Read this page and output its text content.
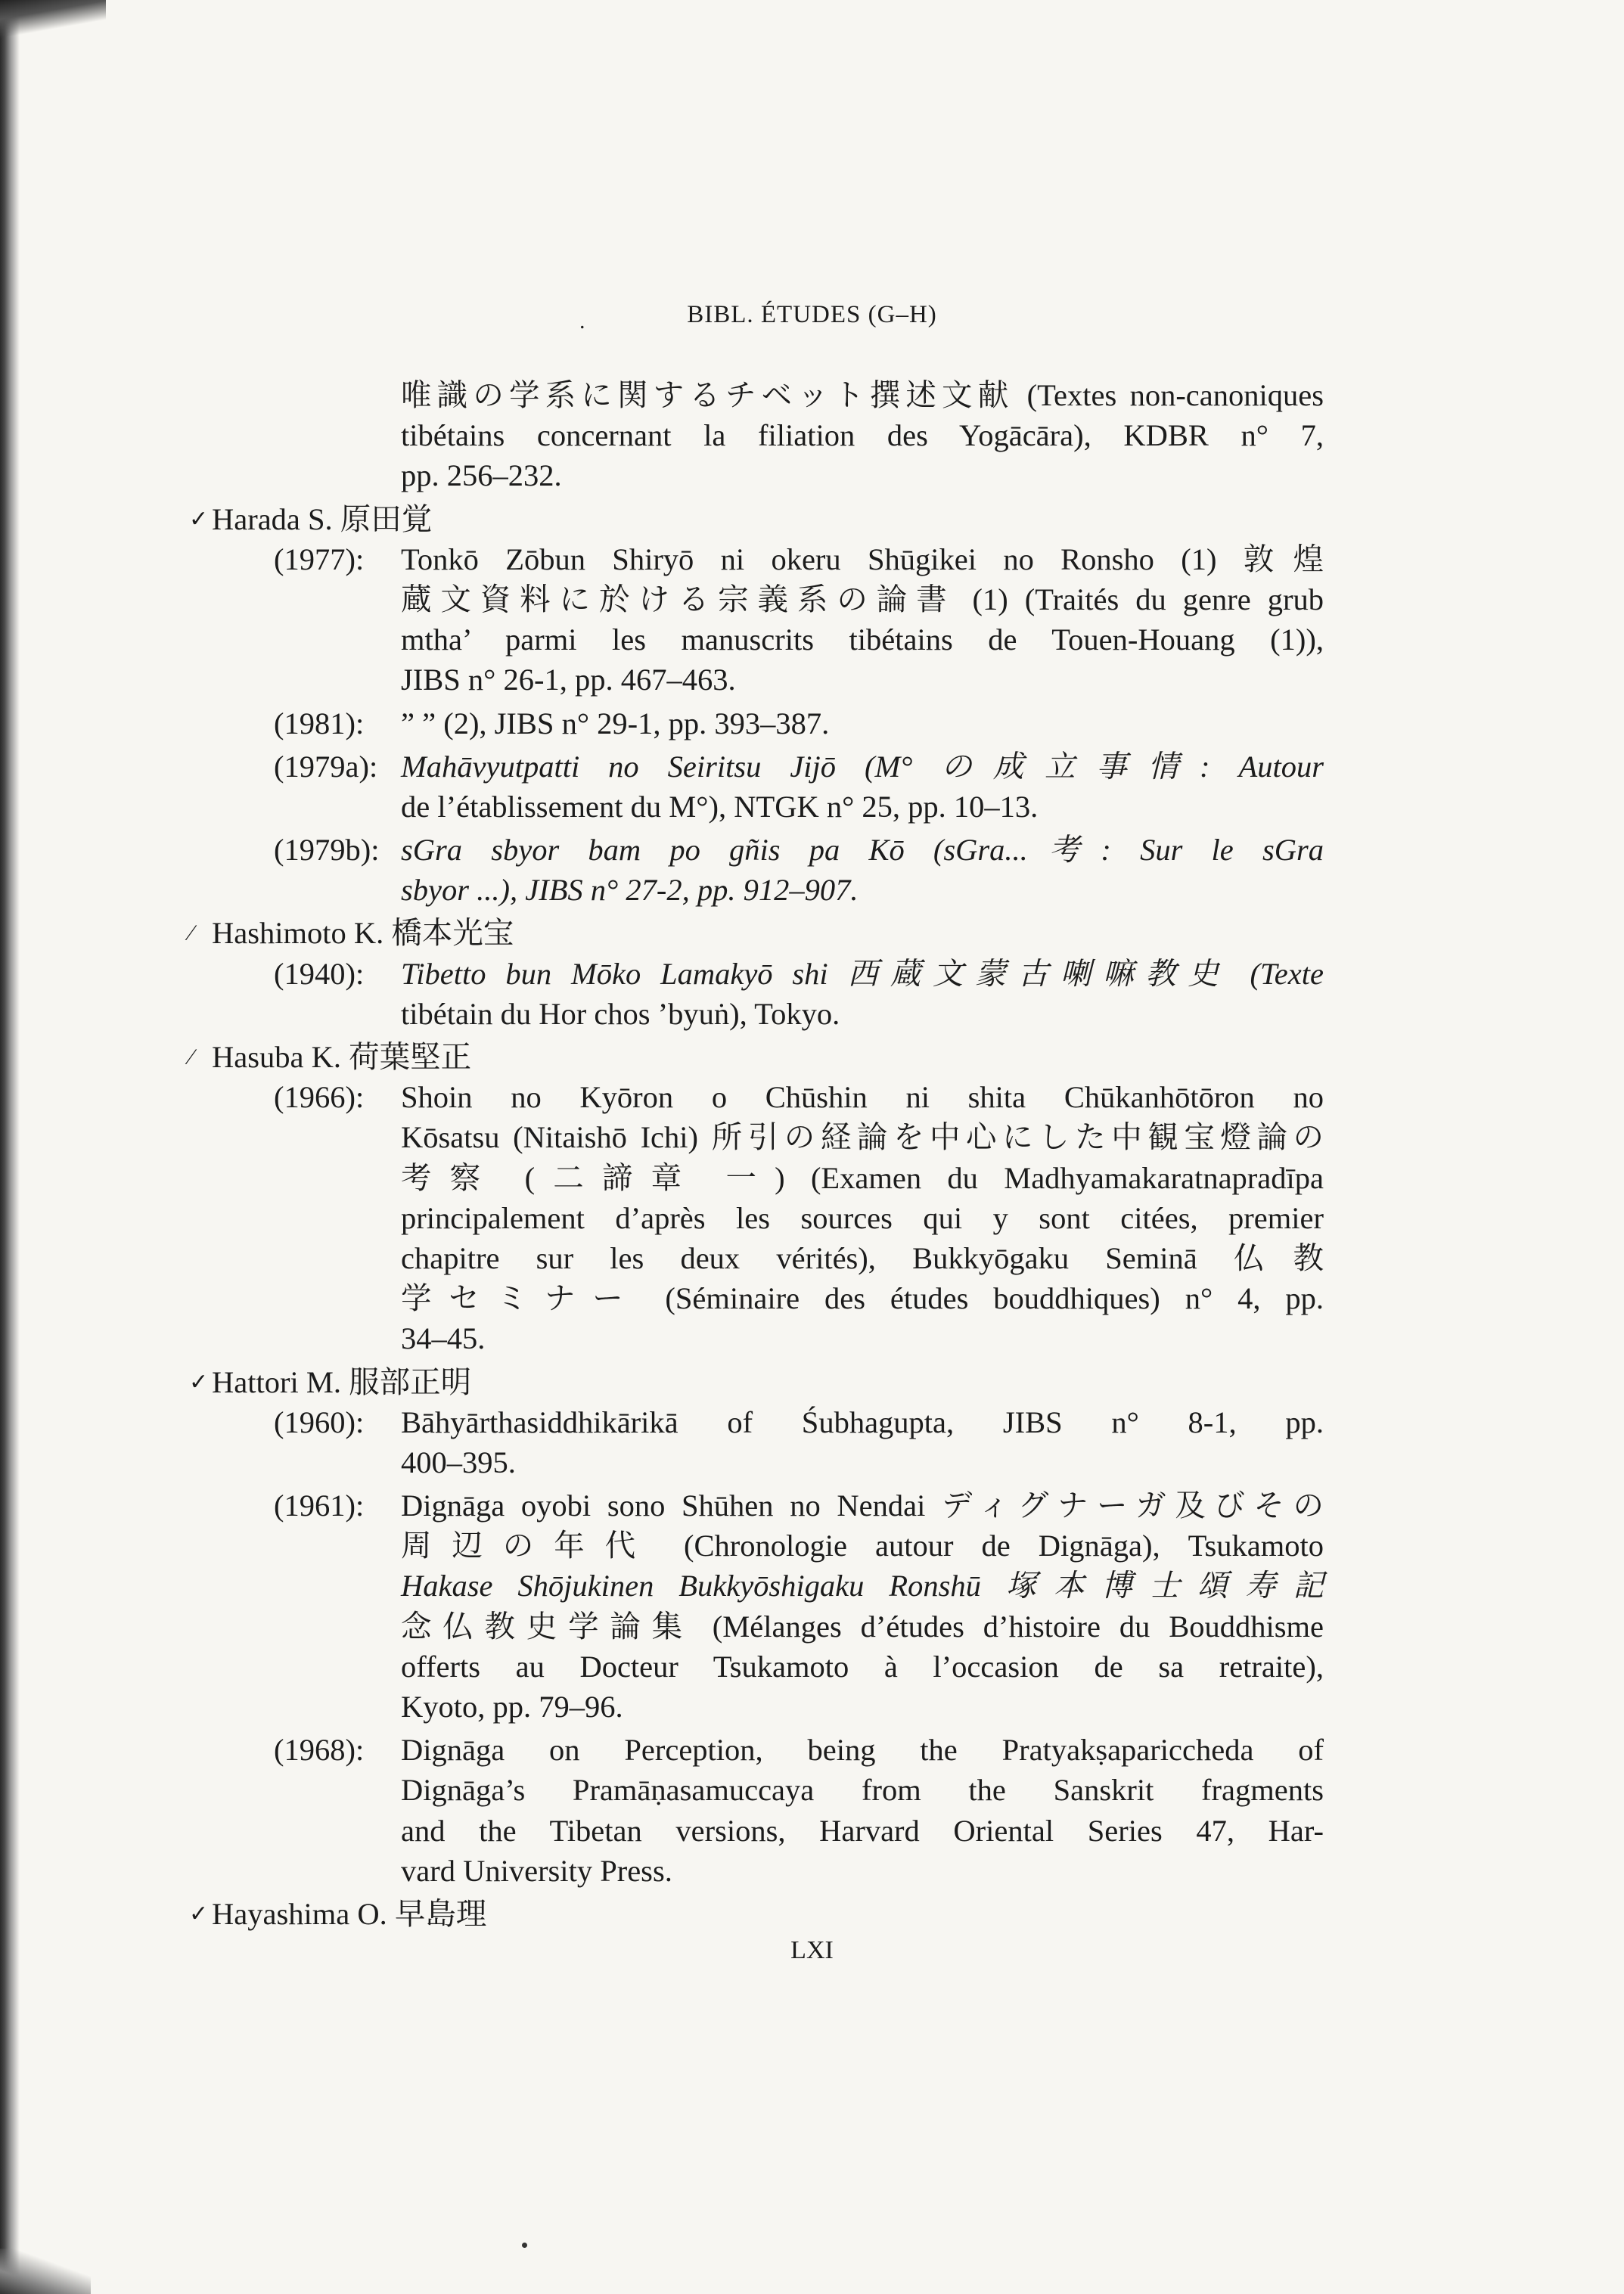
.	BIBL. ÉTUDES (G–H)
唯識の学系に関するチベット撰述文献 (Textes non-canoniques
tibétains concernant la filiation des Yogācāra), KDBR n° 7,
pp. 256–232.
✓ Harada S. 原田覚
(1977): Tonkō Zōbun Shiryō ni okeru Shūgikei no Ronsho (1) 敦煌
蔵文資料に於ける宗義系の論書 (1) (Traités du genre grub
mtha’ parmi les manuscrits tibétains de Touen-Houang (1)),
JIBS n° 26-1, pp. 467–463.
(1981): ” ” (2), JIBS n° 29-1, pp. 393–387.
(1979a): Mahāvyutpatti no Seiritsu Jijō (M° の成立事情: Autour
de l’établissement du M°), NTGK n° 25, pp. 10–13.
(1979b): sGra sbyor bam po gñis pa Kō (sGra...考: Sur le sGra
sbyor ...), JIBS n° 27-2, pp. 912–907.
∕ Hashimoto K. 橋本光宝
(1940): Tibetto bun Mōko Lamakyō shi 西蔵文蒙古喇嘛教史 (Texte
tibétain du Hor chos ’byuṅ), Tokyo.
∕ Hasuba K. 荷葉堅正
(1966): Shoin no Kyōron o Chūshin ni shita Chūkanhōtōron no
Kōsatsu (Nitaishō Ichi) 所引の経論を中心にした中観宝燈論の
考察 (二諦章 一) (Examen du Madhyamakaratnapradīpa
principalement d’après les sources qui y sont citées, premier
chapitre sur les deux vérités), Bukkyōgaku Seminā 仏教
学セミナー (Séminaire des études bouddhiques) n° 4, pp.
34–45.
✓ Hattori M. 服部正明
(1960): Bāhyārthasiddhikārikā of Śubhagupta, JIBS n° 8-1, pp.
400–395.
(1961): Dignāga oyobi sono Shūhen no Nendai ディグナーガ及びその
周辺の年代 (Chronologie autour de Dignāga), Tsukamoto
Hakase Shōjukinen Bukkyōshigaku Ronshū 塚本博士頌寿記
念仏教史学論集 (Mélanges d’études d’histoire du Bouddhisme
offerts au Docteur Tsukamoto à l’occasion de sa retraite),
Kyoto, pp. 79–96.
(1968): Dignāga on Perception, being the Pratyakṣapariccheda of
Dignāga’s Pramāṇasamuccaya from the Sanskrit fragments
and the Tibetan versions, Harvard Oriental Series 47, Har-
vard University Press.
✓ Hayashima O. 早島理
LXI
